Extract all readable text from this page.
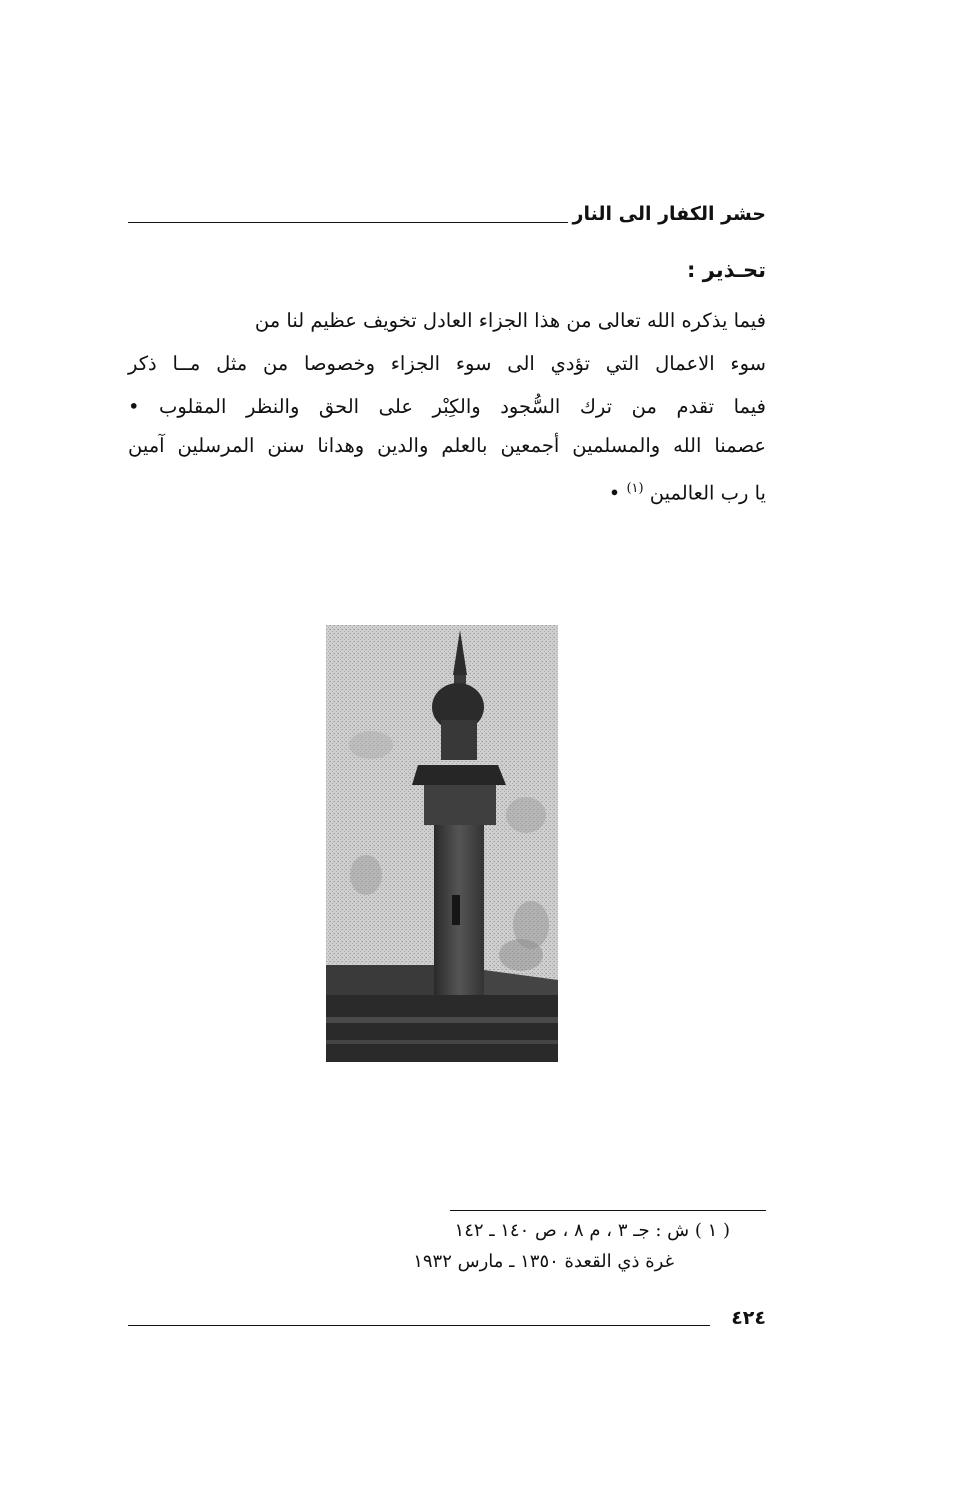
حشر الكفار الى النار
تحـذير :
فيما يذكره الله تعالى من هذا الجزاء العادل تخويف عظيم لنا من
سوء الاعمال التي تؤدي الى سوء الجزاء وخصوصا من مثل مــا ذكر
فيما تقدم من ترك السُّجود والكِبْر على الحق والنظر المقلوب •
عصمنا الله والمسلمين أجمعين بالعلم والدين وهدانا سنن المرسلين آمين
يا رب العالمين $^{(١)}$ •
( ١ ) ش : جـ ٣ ، م ٨ ، ص ١٤٠ ـ ١٤٢
غرة ذي القعدة ١٣٥٠ ـ مارس ١٩٣٢
٤٢٤
